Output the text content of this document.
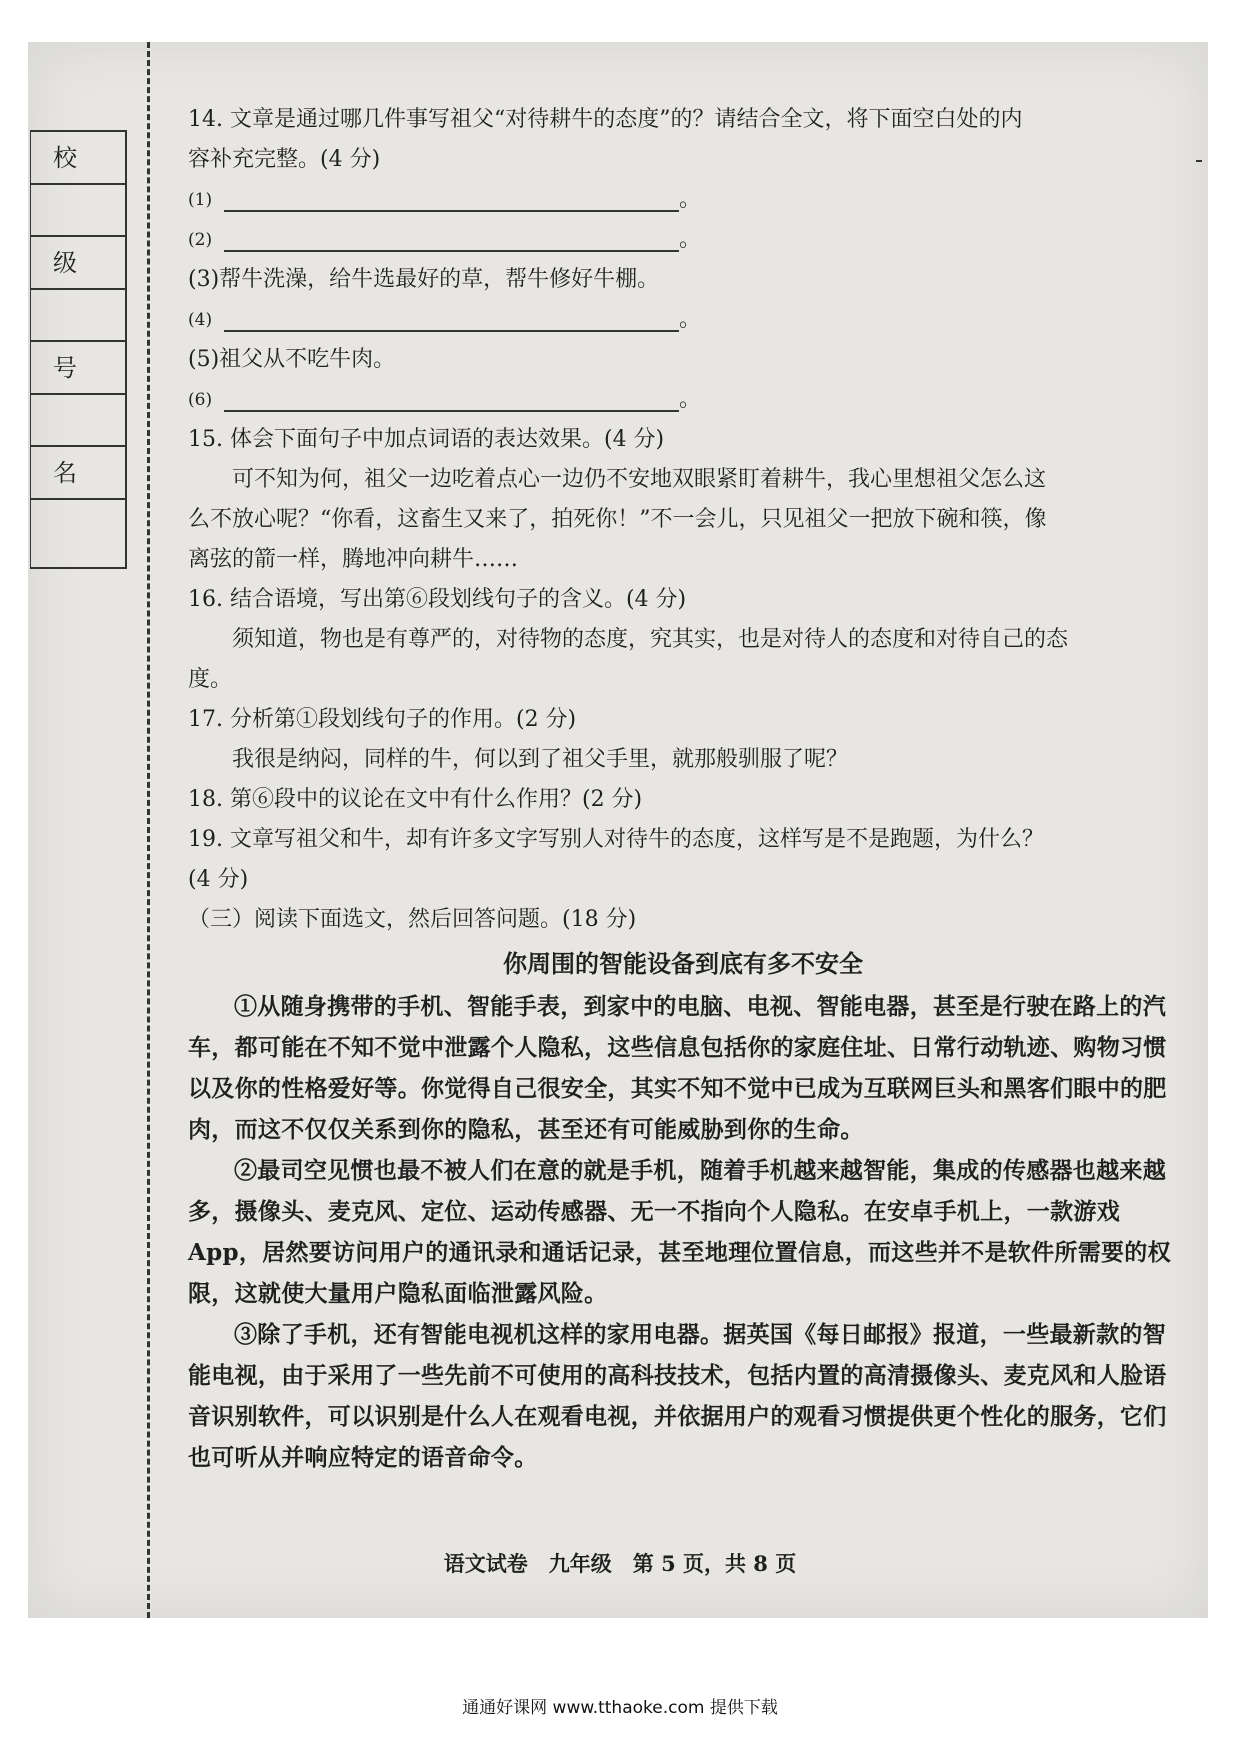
校
级
号
名

14. 文章是通过哪几件事写祖父“对待耕牛的态度”的？请结合全文，将下面空白处的内

容补充完整。(4 分)

(1)	。
(2)	。

(3)帮牛洗澡，给牛选最好的草，帮牛修好牛棚。

(4)	。

(5)祖父从不吃牛肉。

(6)	。

15. 体会下面句子中加点词语的表达效果。(4 分)

可不知为何，祖父一边吃着点心一边仍不安地双眼紧盯着耕牛，我心里想祖父怎么这

么不放心呢？“你看，这畜生又来了，拍死你！”不一会儿，只见祖父一把放下碗和筷，像

离弦的箭一样，腾地冲向耕牛……

16. 结合语境，写出第⑥段划线句子的含义。(4 分)

须知道，物也是有尊严的，对待物的态度，究其实，也是对待人的态度和对待自己的态

度。

17. 分析第①段划线句子的作用。(2 分)

我很是纳闷，同样的牛，何以到了祖父手里，就那般驯服了呢？

18. 第⑥段中的议论在文中有什么作用？(2 分)

19. 文章写祖父和牛，却有许多文字写别人对待牛的态度，这样写是不是跑题，为什么？

(4 分)

（三）阅读下面选文，然后回答问题。(18 分)

你周围的智能设备到底有多不安全

①从随身携带的手机、智能手表，到家中的电脑、电视、智能电器，甚至是行驶在路上的汽车，都可能在不知不觉中泄露个人隐私，这些信息包括你的家庭住址、日常行动轨迹、购物习惯以及你的性格爱好等。你觉得自己很安全，其实不知不觉中已成为互联网巨头和黑客们眼中的肥肉，而这不仅仅关系到你的隐私，甚至还有可能威胁到你的生命。

②最司空见惯也最不被人们在意的就是手机，随着手机越来越智能，集成的传感器也越来越多，摄像头、麦克风、定位、运动传感器、无一不指向个人隐私。在安卓手机上，一款游戏 App，居然要访问用户的通讯录和通话记录，甚至地理位置信息，而这些并不是软件所需要的权限，这就使大量用户隐私面临泄露风险。

③除了手机，还有智能电视机这样的家用电器。据英国《每日邮报》报道，一些最新款的智能电视，由于采用了一些先前不可使用的高科技技术，包括内置的高清摄像头、麦克风和人脸语音识别软件，可以识别是什么人在观看电视，并依据用户的观看习惯提供更个性化的服务，它们也可听从并响应特定的语音命令。

语文试卷　九年级　第 5 页，共 8 页
通通好课网 www.tthaoke.com 提供下载
